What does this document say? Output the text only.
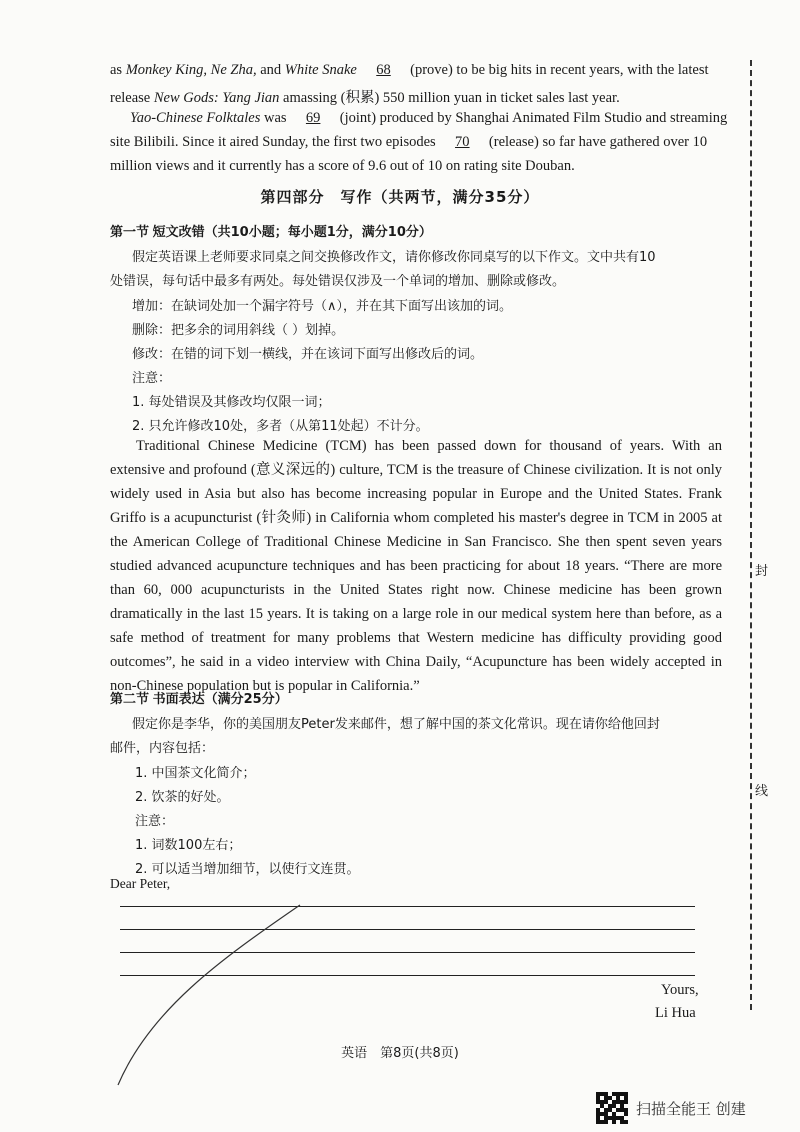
as Monkey King, Ne Zha, and White Snake 68 (prove) to be big hits in recent years, with the latest
release New Gods: Yang Jian amassing (积累) 550 million yuan in ticket sales last year.
Yao-Chinese Folktales was 69 (joint) produced by Shanghai Animated Film Studio and streaming
site Bilibili. Since it aired Sunday, the first two episodes 70 (release) so far have gathered over 10
million views and it currently has a score of 9.6 out of 10 on rating site Douban.
第四部分　写作（共两节，满分35分）
第一节 短文改错（共10小题；每小题1分，满分10分）
假定英语课上老师要求同桌之间交换修改作文，请你修改你同桌写的以下作文。文中共有10
处错误，每句话中最多有两处。每处错误仅涉及一个单词的增加、删除或修改。
增加：在缺词处加一个漏字符号（∧），并在其下面写出该加的词。
删除：把多余的词用斜线（ ）划掉。
修改：在错的词下划一横线，并在该词下面写出修改后的词。
注意：
1. 每处错误及其修改均仅限一词；
2. 只允许修改10处，多者（从第11处起）不计分。
Traditional Chinese Medicine (TCM) has been passed down for thousand of years. With an extensive and profound (意义深远的) culture, TCM is the treasure of Chinese civilization. It is not only widely used in Asia but also has become increasing popular in Europe and the United States. Frank Griffo is a acupuncturist (针灸师) in California whom completed his master's degree in TCM in 2005 at the American College of Traditional Chinese Medicine in San Francisco. She then spent seven years studied advanced acupuncture techniques and has been practicing for about 18 years. “There are more than 60, 000 acupuncturists in the United States right now. Chinese medicine has been grown dramatically in the last 15 years. It is taking on a large role in our medical system here than before, as a safe method of treatment for many problems that Western medicine has difficulty providing good outcomes”, he said in a video interview with China Daily, “Acupuncture has been widely accepted in non-Chinese population but is popular in California.”
第二节 书面表达（满分25分）
假定你是李华，你的美国朋友Peter发来邮件，想了解中国的茶文化常识。现在请你给他回封
邮件，内容包括：
1. 中国茶文化简介；
2. 饮茶的好处。
注意：
1. 词数100左右；
2. 可以适当增加细节，以使行文连贯。
Dear Peter,
Yours,
Li Hua
英语　第8页(共8页)
封
线
扫描全能王 创建
